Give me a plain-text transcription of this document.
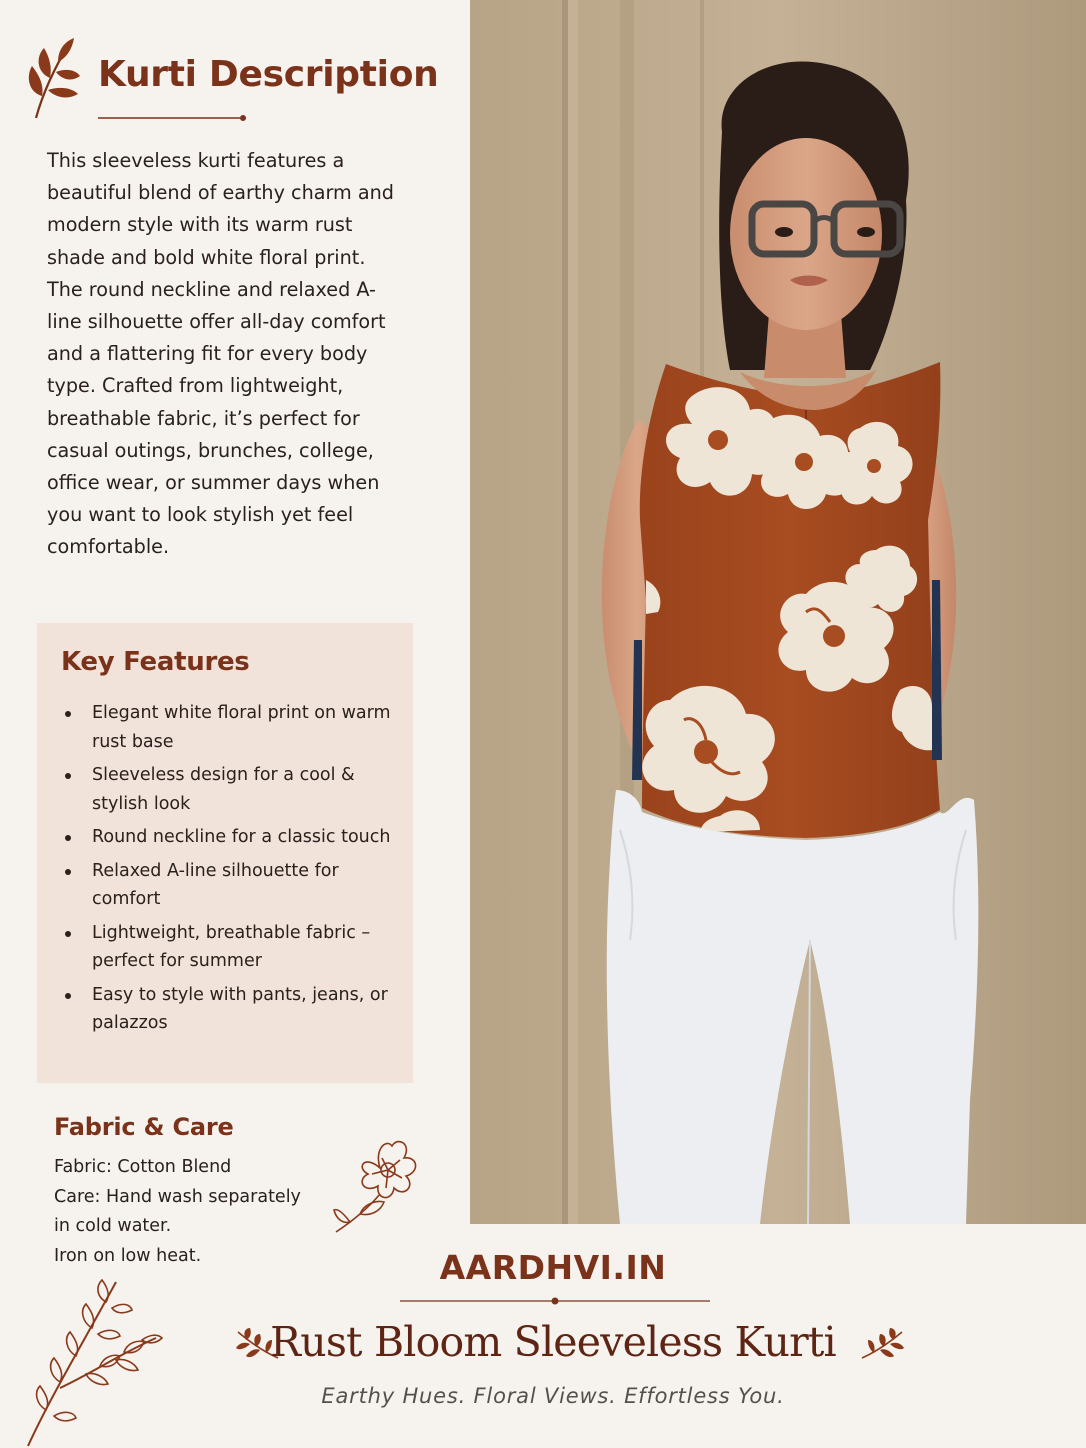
Kurti Description
This sleeveless kurti features a beautiful blend of earthy charm and modern style with its warm rust shade and bold white floral print. The round neckline and relaxed A-line silhouette offer all-day comfort and a flattering fit for every body type. Crafted from lightweight, breathable fabric, it’s perfect for casual outings, brunches, college, office wear, or summer days when you want to look stylish yet feel comfortable.
Key Features
Elegant white floral print on warm rust base
Sleeveless design for a cool & stylish look
Round neckline for a classic touch
Relaxed A-line silhouette for comfort
Lightweight, breathable fabric – perfect for summer
Easy to style with pants, jeans, or palazzos
Fabric & Care
Fabric: Cotton Blend
Care: Hand wash separately
in cold water.
Iron on low heat.	AARDHVI.IN
Rust Bloom Sleeveless Kurti
Earthy Hues. Floral Views. Effortless You.
